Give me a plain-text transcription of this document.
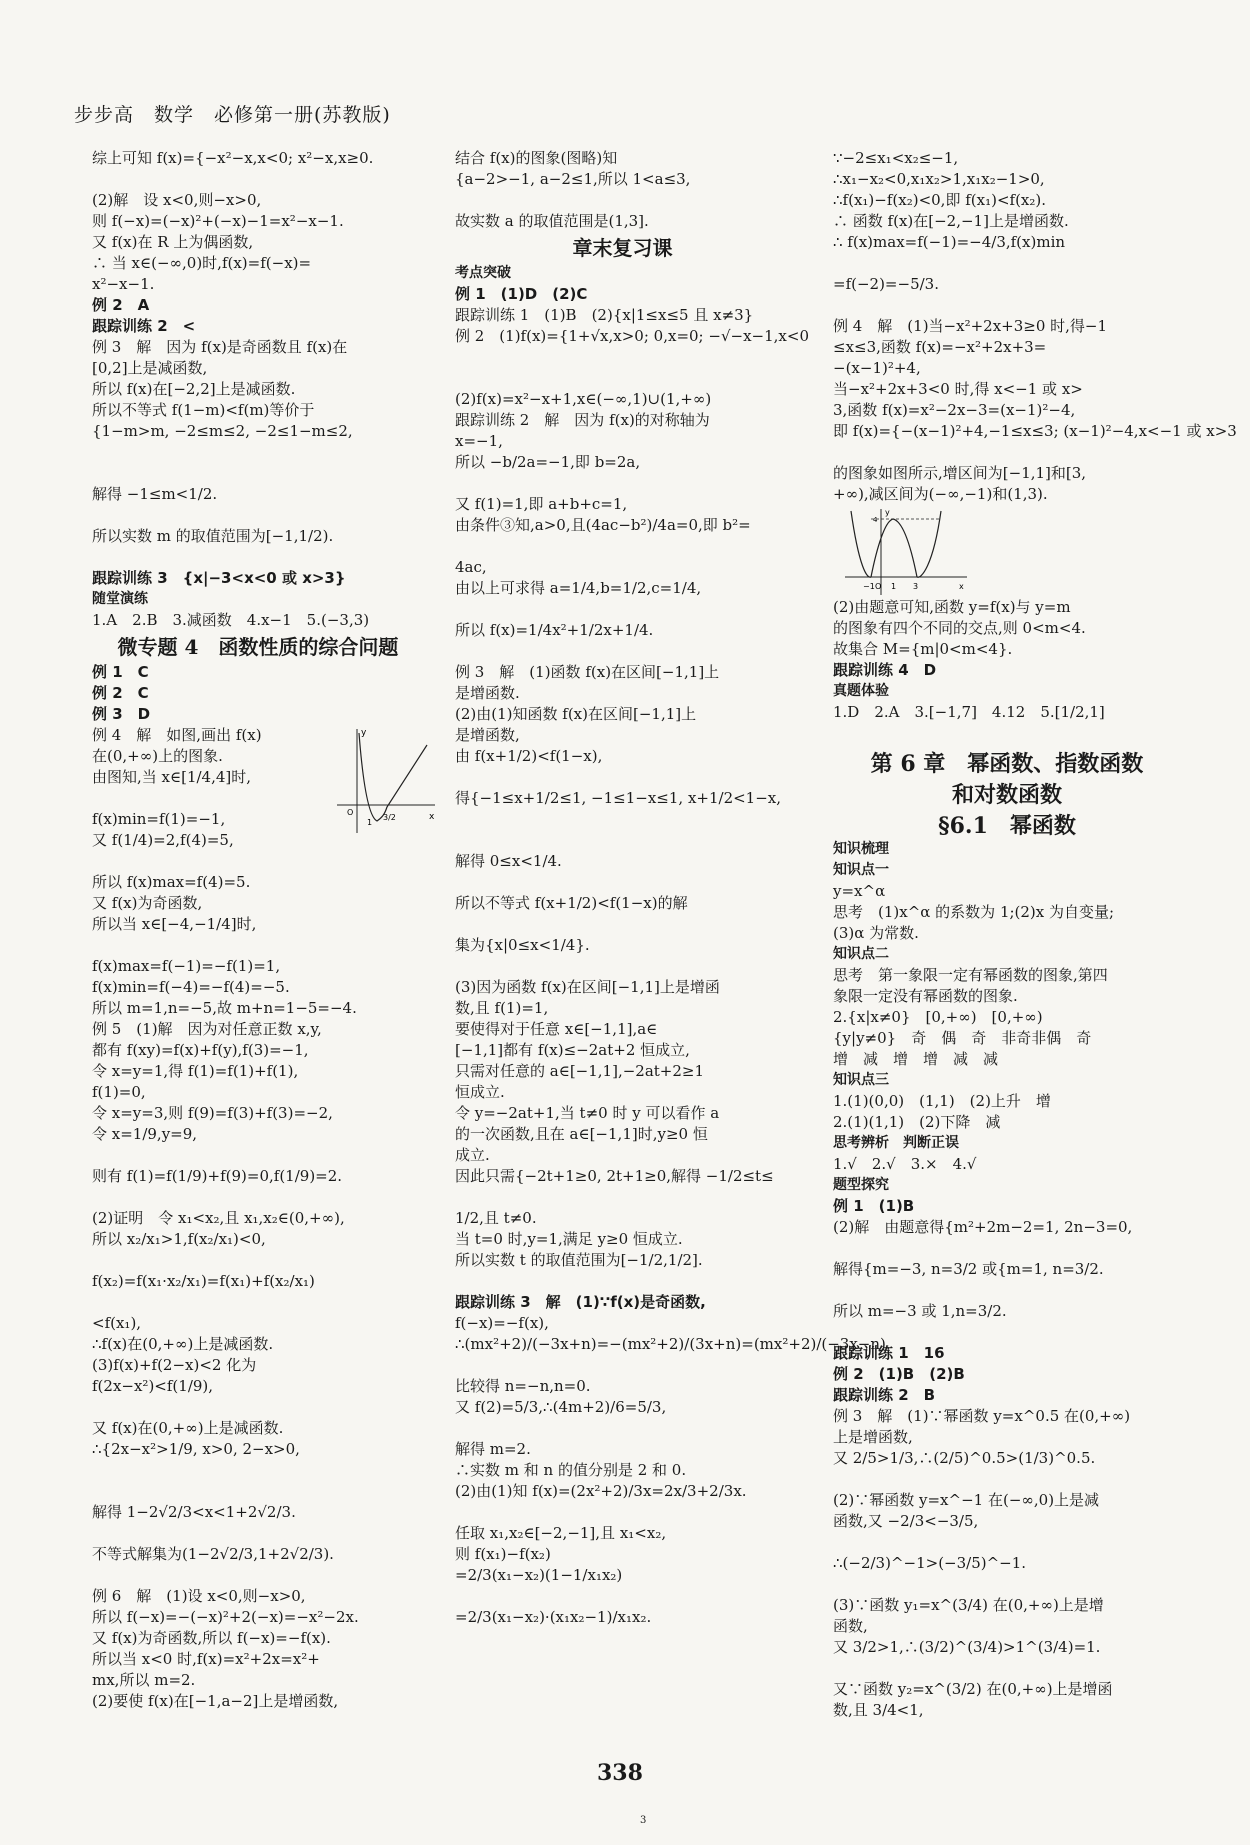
步步高　数学　必修第一册(苏教版)
综上可知 f(x)={−x²−x,x<0; x²−x,x≥0.
(2)解　设 x<0,则−x>0,
则 f(−x)=(−x)²+(−x)−1=x²−x−1.
又 f(x)在 R 上为偶函数,
∴ 当 x∈(−∞,0)时,f(x)=f(−x)=
x²−x−1.
例 2　A
跟踪训练 2　<
例 3　解　因为 f(x)是奇函数且 f(x)在
[0,2]上是减函数,
所以 f(x)在[−2,2]上是减函数.
所以不等式 f(1−m)<f(m)等价于
{1−m>m, −2≤m≤2, −2≤1−m≤2,
解得 −1≤m<1/2.
所以实数 m 的取值范围为[−1,1/2).
跟踪训练 3　{x|−3<x<0 或 x>3}
随堂演练
1.A　2.B　3.减函数　4.x−1　5.(−3,3)
微专题 4　函数性质的综合问题
例 1　C
例 2　C
例 3　D
x
y
O
1
3/2
例 4　解　如图,画出 f(x)
在(0,+∞)上的图象.
由图知,当 x∈[1/4,4]时,
f(x)min=f(1)=−1,
又 f(1/4)=2,f(4)=5,
所以 f(x)max=f(4)=5.
又 f(x)为奇函数,
所以当 x∈[−4,−1/4]时,
f(x)max=f(−1)=−f(1)=1,
f(x)min=f(−4)=−f(4)=−5.
所以 m=1,n=−5,故 m+n=1−5=−4.
例 5　(1)解　因为对任意正数 x,y,
都有 f(xy)=f(x)+f(y),f(3)=−1,
令 x=y=1,得 f(1)=f(1)+f(1),
f(1)=0,
令 x=y=3,则 f(9)=f(3)+f(3)=−2,
令 x=1/9,y=9,
则有 f(1)=f(1/9)+f(9)=0,f(1/9)=2.
(2)证明　令 x₁<x₂,且 x₁,x₂∈(0,+∞),
所以 x₂/x₁>1,f(x₂/x₁)<0,
f(x₂)=f(x₁·x₂/x₁)=f(x₁)+f(x₂/x₁)
<f(x₁),
∴f(x)在(0,+∞)上是减函数.
(3)f(x)+f(2−x)<2 化为
f(2x−x²)<f(1/9),
又 f(x)在(0,+∞)上是减函数.
∴{2x−x²>1/9, x>0, 2−x>0,
解得 1−2√2/3<x<1+2√2/3.
不等式解集为(1−2√2/3,1+2√2/3).
例 6　解　(1)设 x<0,则−x>0,
所以 f(−x)=−(−x)²+2(−x)=−x²−2x.
又 f(x)为奇函数,所以 f(−x)=−f(x).
所以当 x<0 时,f(x)=x²+2x=x²+
mx,所以 m=2.
(2)要使 f(x)在[−1,a−2]上是增函数,
结合 f(x)的图象(图略)知
{a−2>−1, a−2≤1,所以 1<a≤3,
故实数 a 的取值范围是(1,3].
章末复习课
考点突破
例 1　(1)D　(2)C
跟踪训练 1　(1)B　(2){x|1≤x≤5 且 x≠3}
例 2　(1)f(x)={1+√x,x>0; 0,x=0; −√−x−1,x<0
(2)f(x)=x²−x+1,x∈(−∞,1)∪(1,+∞)
跟踪训练 2　解　因为 f(x)的对称轴为
x=−1,
所以 −b/2a=−1,即 b=2a,
又 f(1)=1,即 a+b+c=1,
由条件③知,a>0,且(4ac−b²)/4a=0,即 b²=
4ac,
由以上可求得 a=1/4,b=1/2,c=1/4,
所以 f(x)=1/4x²+1/2x+1/4.
例 3　解　(1)函数 f(x)在区间[−1,1]上
是增函数.
(2)由(1)知函数 f(x)在区间[−1,1]上
是增函数,
由 f(x+1/2)<f(1−x),
得{−1≤x+1/2≤1, −1≤1−x≤1, x+1/2<1−x,
解得 0≤x<1/4.
所以不等式 f(x+1/2)<f(1−x)的解
集为{x|0≤x<1/4}.
(3)因为函数 f(x)在区间[−1,1]上是增函
数,且 f(1)=1,
要使得对于任意 x∈[−1,1],a∈
[−1,1]都有 f(x)≤−2at+2 恒成立,
只需对任意的 a∈[−1,1],−2at+2≥1
恒成立.
令 y=−2at+1,当 t≠0 时 y 可以看作 a
的一次函数,且在 a∈[−1,1]时,y≥0 恒
成立.
因此只需{−2t+1≥0, 2t+1≥0,解得 −1/2≤t≤
1/2,且 t≠0.
当 t=0 时,y=1,满足 y≥0 恒成立.
所以实数 t 的取值范围为[−1/2,1/2].
跟踪训练 3　解　(1)∵f(x)是奇函数,
f(−x)=−f(x),
∴(mx²+2)/(−3x+n)=−(mx²+2)/(3x+n)=(mx²+2)/(−3x−n).
比较得 n=−n,n=0.
又 f(2)=5/3,∴(4m+2)/6=5/3,
解得 m=2.
∴实数 m 和 n 的值分别是 2 和 0.
(2)由(1)知 f(x)=(2x²+2)/3x=2x/3+2/3x.
任取 x₁,x₂∈[−2,−1],且 x₁<x₂,
则 f(x₁)−f(x₂)
=2/3(x₁−x₂)(1−1/x₁x₂)
=2/3(x₁−x₂)·(x₁x₂−1)/x₁x₂.
∵−2≤x₁<x₂≤−1,
∴x₁−x₂<0,x₁x₂>1,x₁x₂−1>0,
∴f(x₁)−f(x₂)<0,即 f(x₁)<f(x₂).
∴ 函数 f(x)在[−2,−1]上是增函数.
∴ f(x)max=f(−1)=−4/3,f(x)min
=f(−2)=−5/3.
例 4　解　(1)当−x²+2x+3≥0 时,得−1
≤x≤3,函数 f(x)=−x²+2x+3=
−(x−1)²+4,
当−x²+2x+3<0 时,得 x<−1 或 x>
3,函数 f(x)=x²−2x−3=(x−1)²−4,
即 f(x)={−(x−1)²+4,−1≤x≤3; (x−1)²−4,x<−1 或 x>3
的图象如图所示,增区间为[−1,1]和[3,
+∞),减区间为(−∞,−1)和(1,3).
−1 O 1 3	x
y
4
(2)由题意可知,函数 y=f(x)与 y=m
的图象有四个不同的交点,则 0<m<4.
故集合 M={m|0<m<4}.
跟踪训练 4　D
真题体验
1.D　2.A　3.[−1,7]　4.12　5.[1/2,1]
第 6 章　幂函数、指数函数
和对数函数
§6.1　幂函数
知识梳理
知识点一
y=x^α
思考　(1)x^α 的系数为 1;(2)x 为自变量;
(3)α 为常数.
知识点二
思考　第一象限一定有幂函数的图象,第四
象限一定没有幂函数的图象.
2.{x|x≠0}　[0,+∞)　[0,+∞)
{y|y≠0}　奇　偶　奇　非奇非偶　奇
增　减　增　增　减　减
知识点三
1.(1)(0,0)　(1,1)　(2)上升　增
2.(1)(1,1)　(2)下降　减
思考辨析　判断正误
1.√　2.√　3.×　4.√
题型探究
例 1　(1)B
(2)解　由题意得{m²+2m−2=1, 2n−3=0,
解得{m=−3, n=3/2 或{m=1, n=3/2.
所以 m=−3 或 1,n=3/2.
跟踪训练 1　16
例 2　(1)B　(2)B
跟踪训练 2　B
例 3　解　(1)∵幂函数 y=x^0.5 在(0,+∞)
上是增函数,
又 2/5>1/3,∴(2/5)^0.5>(1/3)^0.5.
(2)∵幂函数 y=x^−1 在(−∞,0)上是减
函数,又 −2/3<−3/5,
∴(−2/3)^−1>(−3/5)^−1.
(3)∵函数 y₁=x^(3/4) 在(0,+∞)上是增
函数,
又 3/2>1,∴(3/2)^(3/4)>1^(3/4)=1.
又∵函数 y₂=x^(3/2) 在(0,+∞)上是增函
数,且 3/4<1,
338
3
